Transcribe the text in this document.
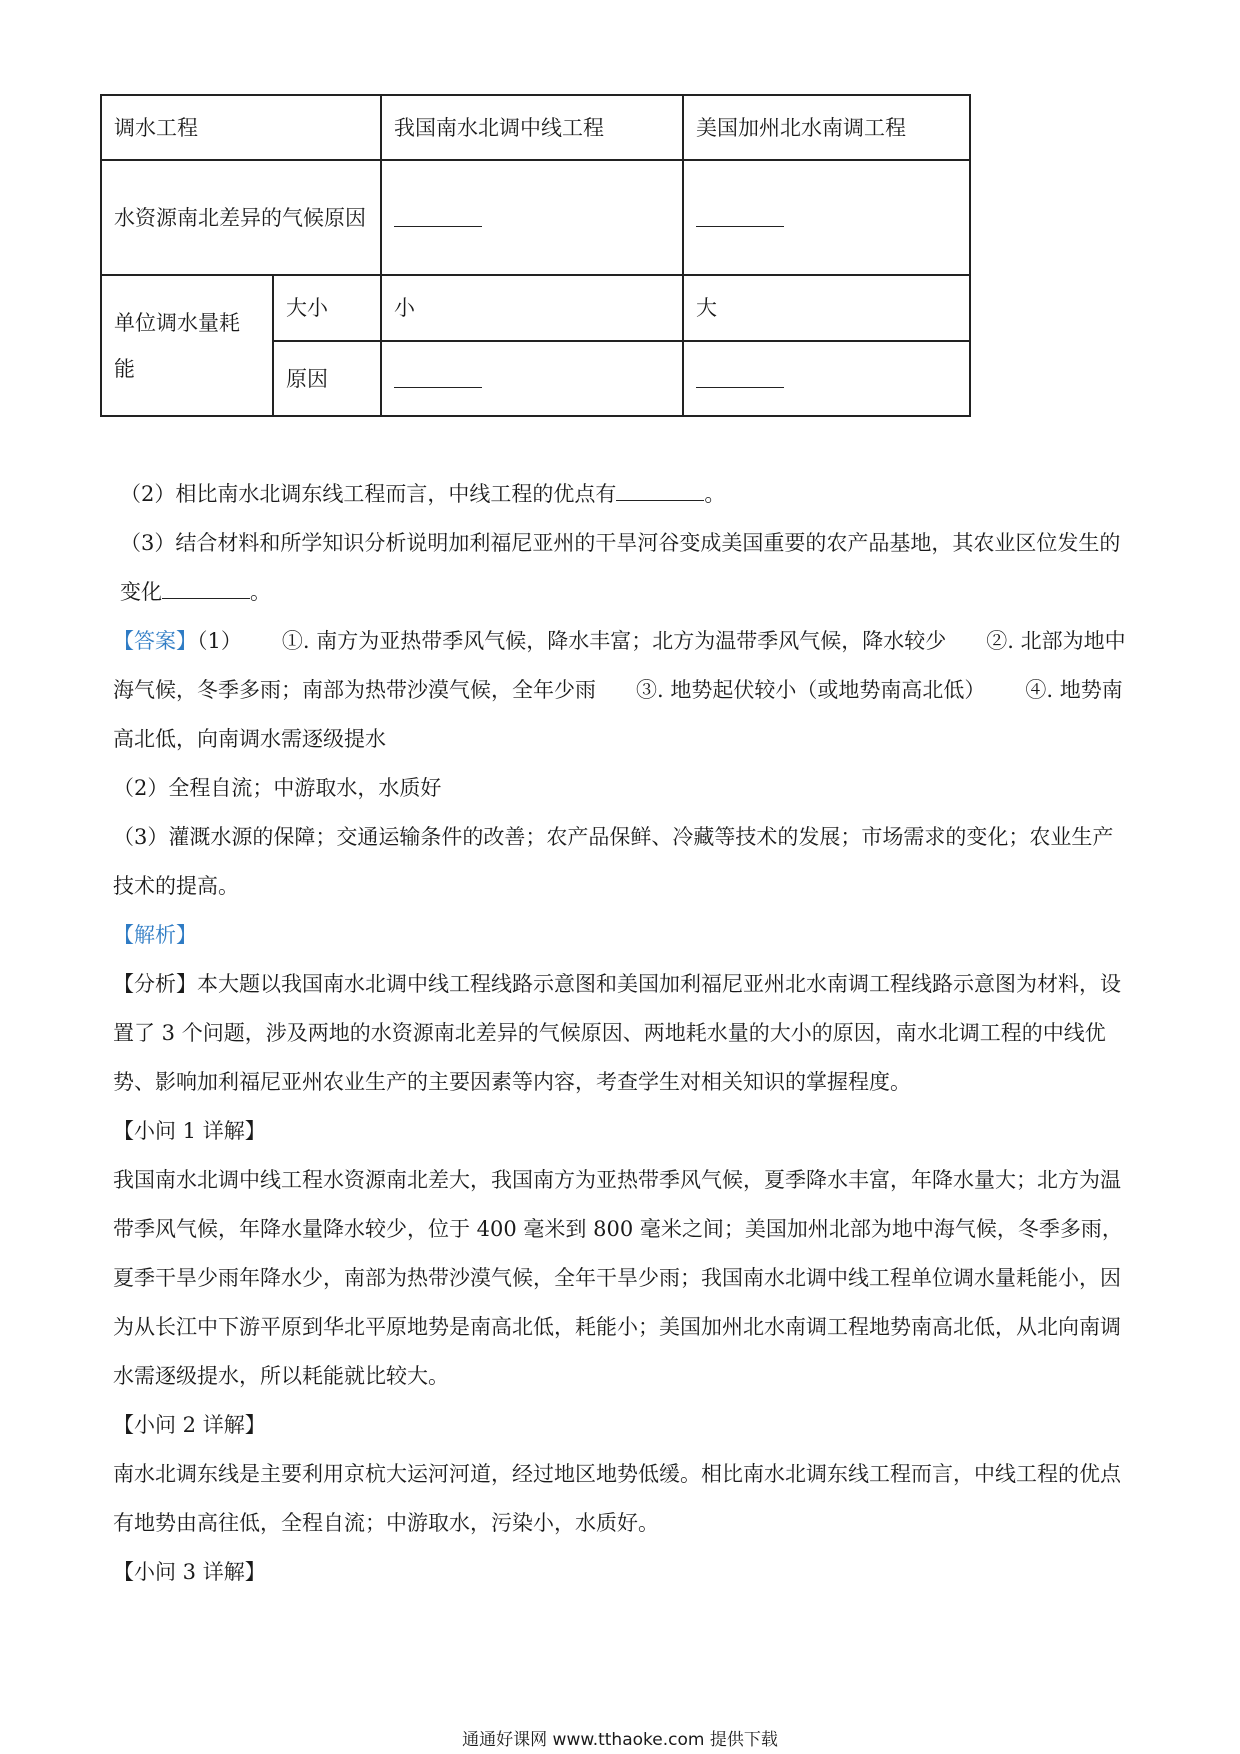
调水工程		我国南水北调中线工程	美国加州北水南调工程
水资源南北差异的气候原因			
单位调水量耗能	大小	小	大
	原因		

（2）相比南水北调东线工程而言，中线工程的优点有	。

（3）结合材料和所学知识分析说明加利福尼亚州的干旱河谷变成美国重要的农产品基地，其农业区位发生的变化	。

【答案】（1） ①. 南方为亚热带季风气候，降水丰富；北方为温带季风气候，降水较少 ②. 北部为地中海气候，冬季多雨；南部为热带沙漠气候，全年少雨 ③. 地势起伏较小（或地势南高北低） ④. 地势南高北低，向南调水需逐级提水

（2）全程自流；中游取水，水质好

（3）灌溉水源的保障；交通运输条件的改善；农产品保鲜、冷藏等技术的发展；市场需求的变化；农业生产技术的提高。

【解析】

【分析】本大题以我国南水北调中线工程线路示意图和美国加利福尼亚州北水南调工程线路示意图为材料，设置了 3 个问题，涉及两地的水资源南北差异的气候原因、两地耗水量的大小的原因，南水北调工程的中线优势、影响加利福尼亚州农业生产的主要因素等内容，考查学生对相关知识的掌握程度。

【小问 1 详解】

我国南水北调中线工程水资源南北差大，我国南方为亚热带季风气候，夏季降水丰富，年降水量大；北方为温带季风气候，年降水量降水较少，位于 400 毫米到 800 毫米之间；美国加州北部为地中海气候，冬季多雨，夏季干旱少雨年降水少，南部为热带沙漠气候，全年干旱少雨；我国南水北调中线工程单位调水量耗能小，因为从长江中下游平原到华北平原地势是南高北低，耗能小；美国加州北水南调工程地势南高北低，从北向南调水需逐级提水，所以耗能就比较大。

【小问 2 详解】

南水北调东线是主要利用京杭大运河河道，经过地区地势低缓。相比南水北调东线工程而言，中线工程的优点有地势由高往低，全程自流；中游取水，污染小，水质好。

【小问 3 详解】

通通好课网 www.tthaoke.com 提供下载
